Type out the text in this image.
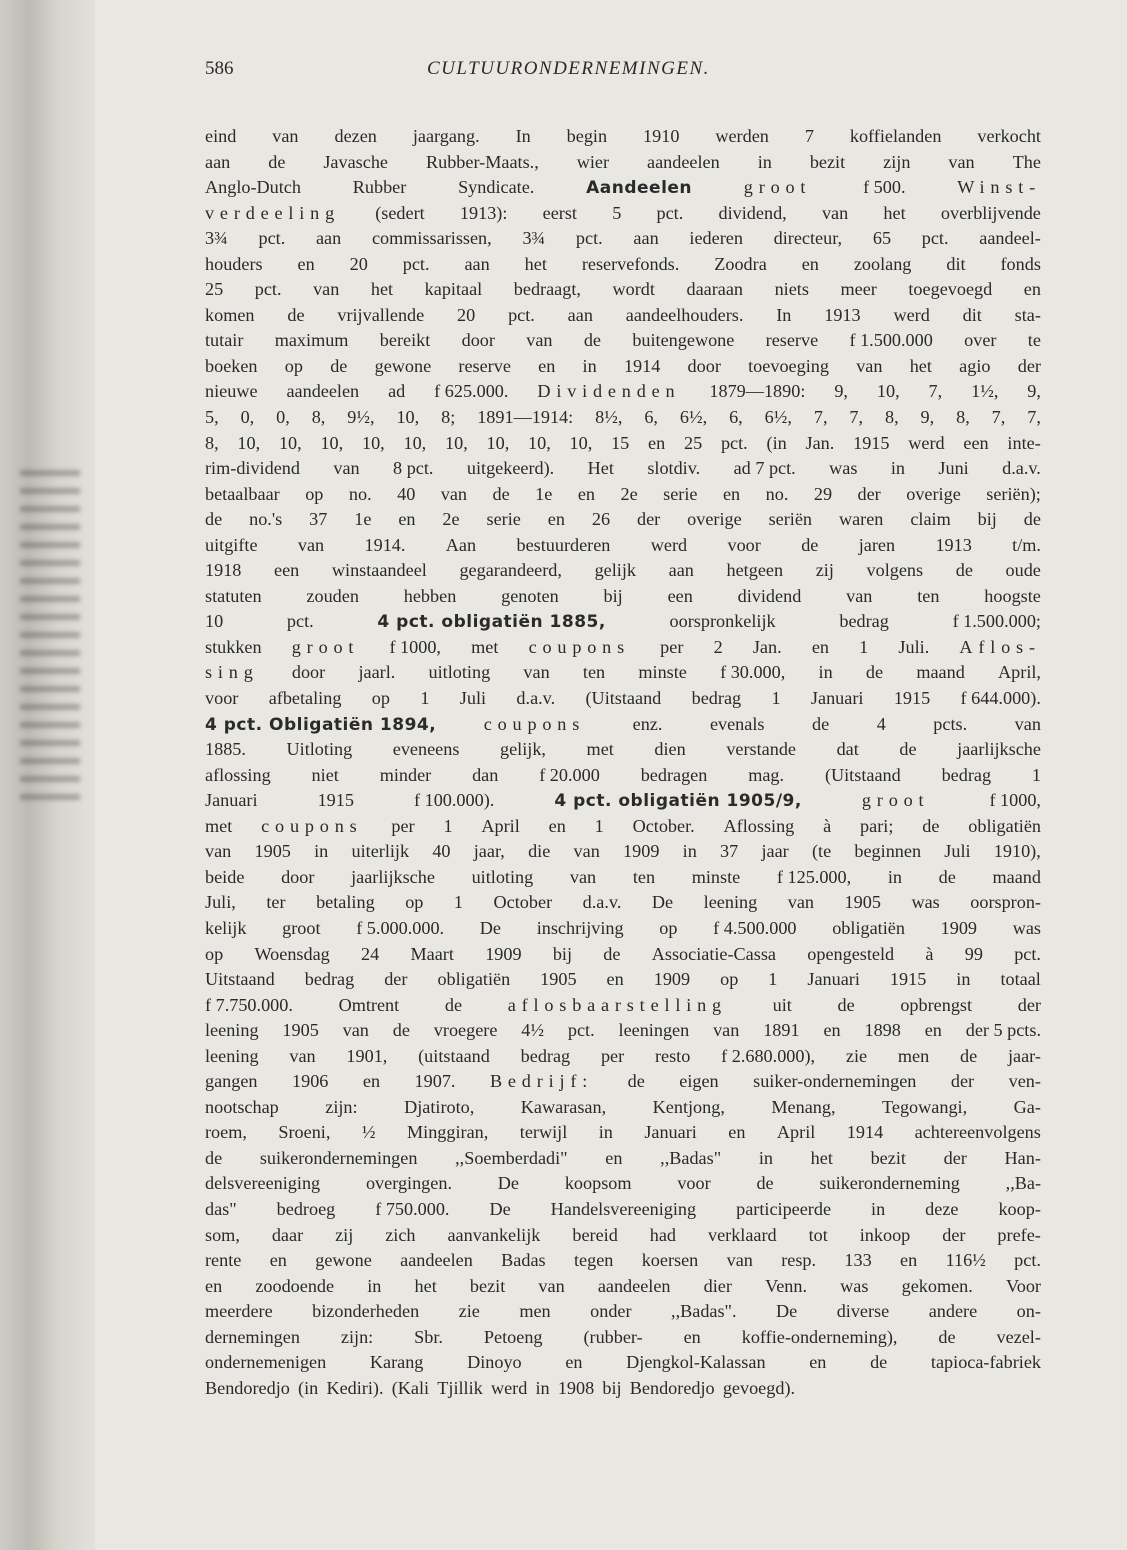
586	CULTUURONDERNEMINGEN.
eind van dezen jaargang. In begin 1910 werden 7 koffielanden verkocht
aan de Javasche Rubber-Maats., wier aandeelen in bezit zijn van The
Anglo-Dutch	Rubber	Syndicate.	Aandeelen	groot	f 500.	Winst-
verdeeling (sedert 1913): eerst 5 pct. dividend, van het overblijvende
3¾ pct. aan commissarissen, 3¾ pct. aan iederen directeur, 65 pct. aandeel-
houders en 20 pct. aan het reservefonds. Zoodra en zoolang dit fonds
25 pct. van het kapitaal bedraagt, wordt daaraan niets meer toegevoegd en
komen de vrijvallende 20 pct. aan aandeelhouders. In 1913 werd dit sta-
tutair maximum bereikt door van de buitengewone reserve f 1.500.000 over te
boeken op de gewone reserve en in 1914 door toevoeging van het agio der
nieuwe aandeelen ad f 625.000. Dividenden 1879—1890: 9, 10, 7, 1½, 9,
5, 0, 0, 8, 9½, 10, 8; 1891—1914: 8½, 6, 6½, 6, 6½, 7, 7, 8, 9, 8, 7, 7,
8, 10, 10, 10, 10, 10, 10, 10, 10, 10, 15 en 25 pct. (in Jan. 1915 werd een inte-
rim-dividend van 8 pct. uitgekeerd). Het slotdiv. ad 7 pct. was in Juni d.a.v.
betaalbaar op no. 40 van de 1e en 2e serie en no. 29 der overige seriën);
de no.'s 37 1e en 2e serie en 26 der overige seriën waren claim bij de
uitgifte van 1914. Aan bestuurderen werd voor de jaren 1913 t/m.
1918 een winstaandeel gegarandeerd, gelijk aan hetgeen zij volgens de oude
statuten zouden hebben genoten bij een dividend van ten hoogste
10	pct.	4 pct. obligatiën 1885,	oorspronkelijk	bedrag	f 1.500.000;
stukken groot f 1000, met coupons per 2 Jan. en 1 Juli. Aflos-
sing door jaarl. uitloting van ten minste f 30.000, in de maand April,
voor afbetaling op 1 Juli d.a.v. (Uitstaand bedrag 1 Januari 1915 f 644.000).
4 pct. Obligatiën 1894,	coupons	enz.	evenals	de	4	pcts.	van
1885. Uitloting eveneens gelijk, met dien verstande dat de jaarlijksche
aflossing niet minder dan f 20.000 bedragen mag. (Uitstaand bedrag 1
Januari	1915	f 100.000).	4 pct. obligatiën 1905/9,	groot	f 1000,
met coupons per 1 April en 1 October. Aflossing à pari; de obligatiën
van 1905 in uiterlijk 40 jaar, die van 1909 in 37 jaar (te beginnen Juli 1910),
beide door jaarlijksche uitloting van ten minste f 125.000, in de maand
Juli, ter betaling op 1 October d.a.v. De leening van 1905 was oorspron-
kelijk groot f 5.000.000. De inschrijving op f 4.500.000 obligatiën 1909 was
op Woensdag 24 Maart 1909 bij de Associatie-Cassa opengesteld à 99 pct.
Uitstaand bedrag der obligatiën 1905 en 1909 op 1 Januari 1915 in totaal
f 7.750.000.	Omtrent	de	aflosbaarstelling	uit	de	opbrengst	der
leening 1905 van de vroegere 4½ pct. leeningen van 1891 en 1898 en der 5 pcts.
leening van 1901, (uitstaand bedrag per resto f 2.680.000), zie men de jaar-
gangen 1906 en 1907. Bedrijf: de eigen suiker-ondernemingen der ven-
nootschap	zijn:	Djatiroto,	Kawarasan,	Kentjong,	Menang,	Tegowangi,	Ga-
roem, Sroeni, ½ Minggiran, terwijl in Januari en April 1914 achtereenvolgens
de suikerondernemingen ,,Soemberdadi" en ,,Badas" in het bezit der Han-
delsvereeniging	overgingen.	De	koopsom	voor	de	suikeronderneming	,,Ba-
das" bedroeg f 750.000. De Handelsvereeniging participeerde in deze koop-
som, daar zij zich aanvankelijk bereid had verklaard tot inkoop der prefe-
rente en gewone aandeelen Badas tegen koersen van resp. 133 en 116½ pct.
en zoodoende in het bezit van aandeelen dier Venn. was gekomen. Voor
meerdere bizonderheden zie men onder ,,Badas". De diverse andere on-
dernemingen zijn: Sbr. Petoeng (rubber- en koffie-onderneming), de vezel-
ondernemenigen Karang Dinoyo en Djengkol-Kalassan en de tapioca-fabriek
Bendoredjo (in Kediri). (Kali Tjillik werd in 1908 bij Bendoredjo gevoegd).
